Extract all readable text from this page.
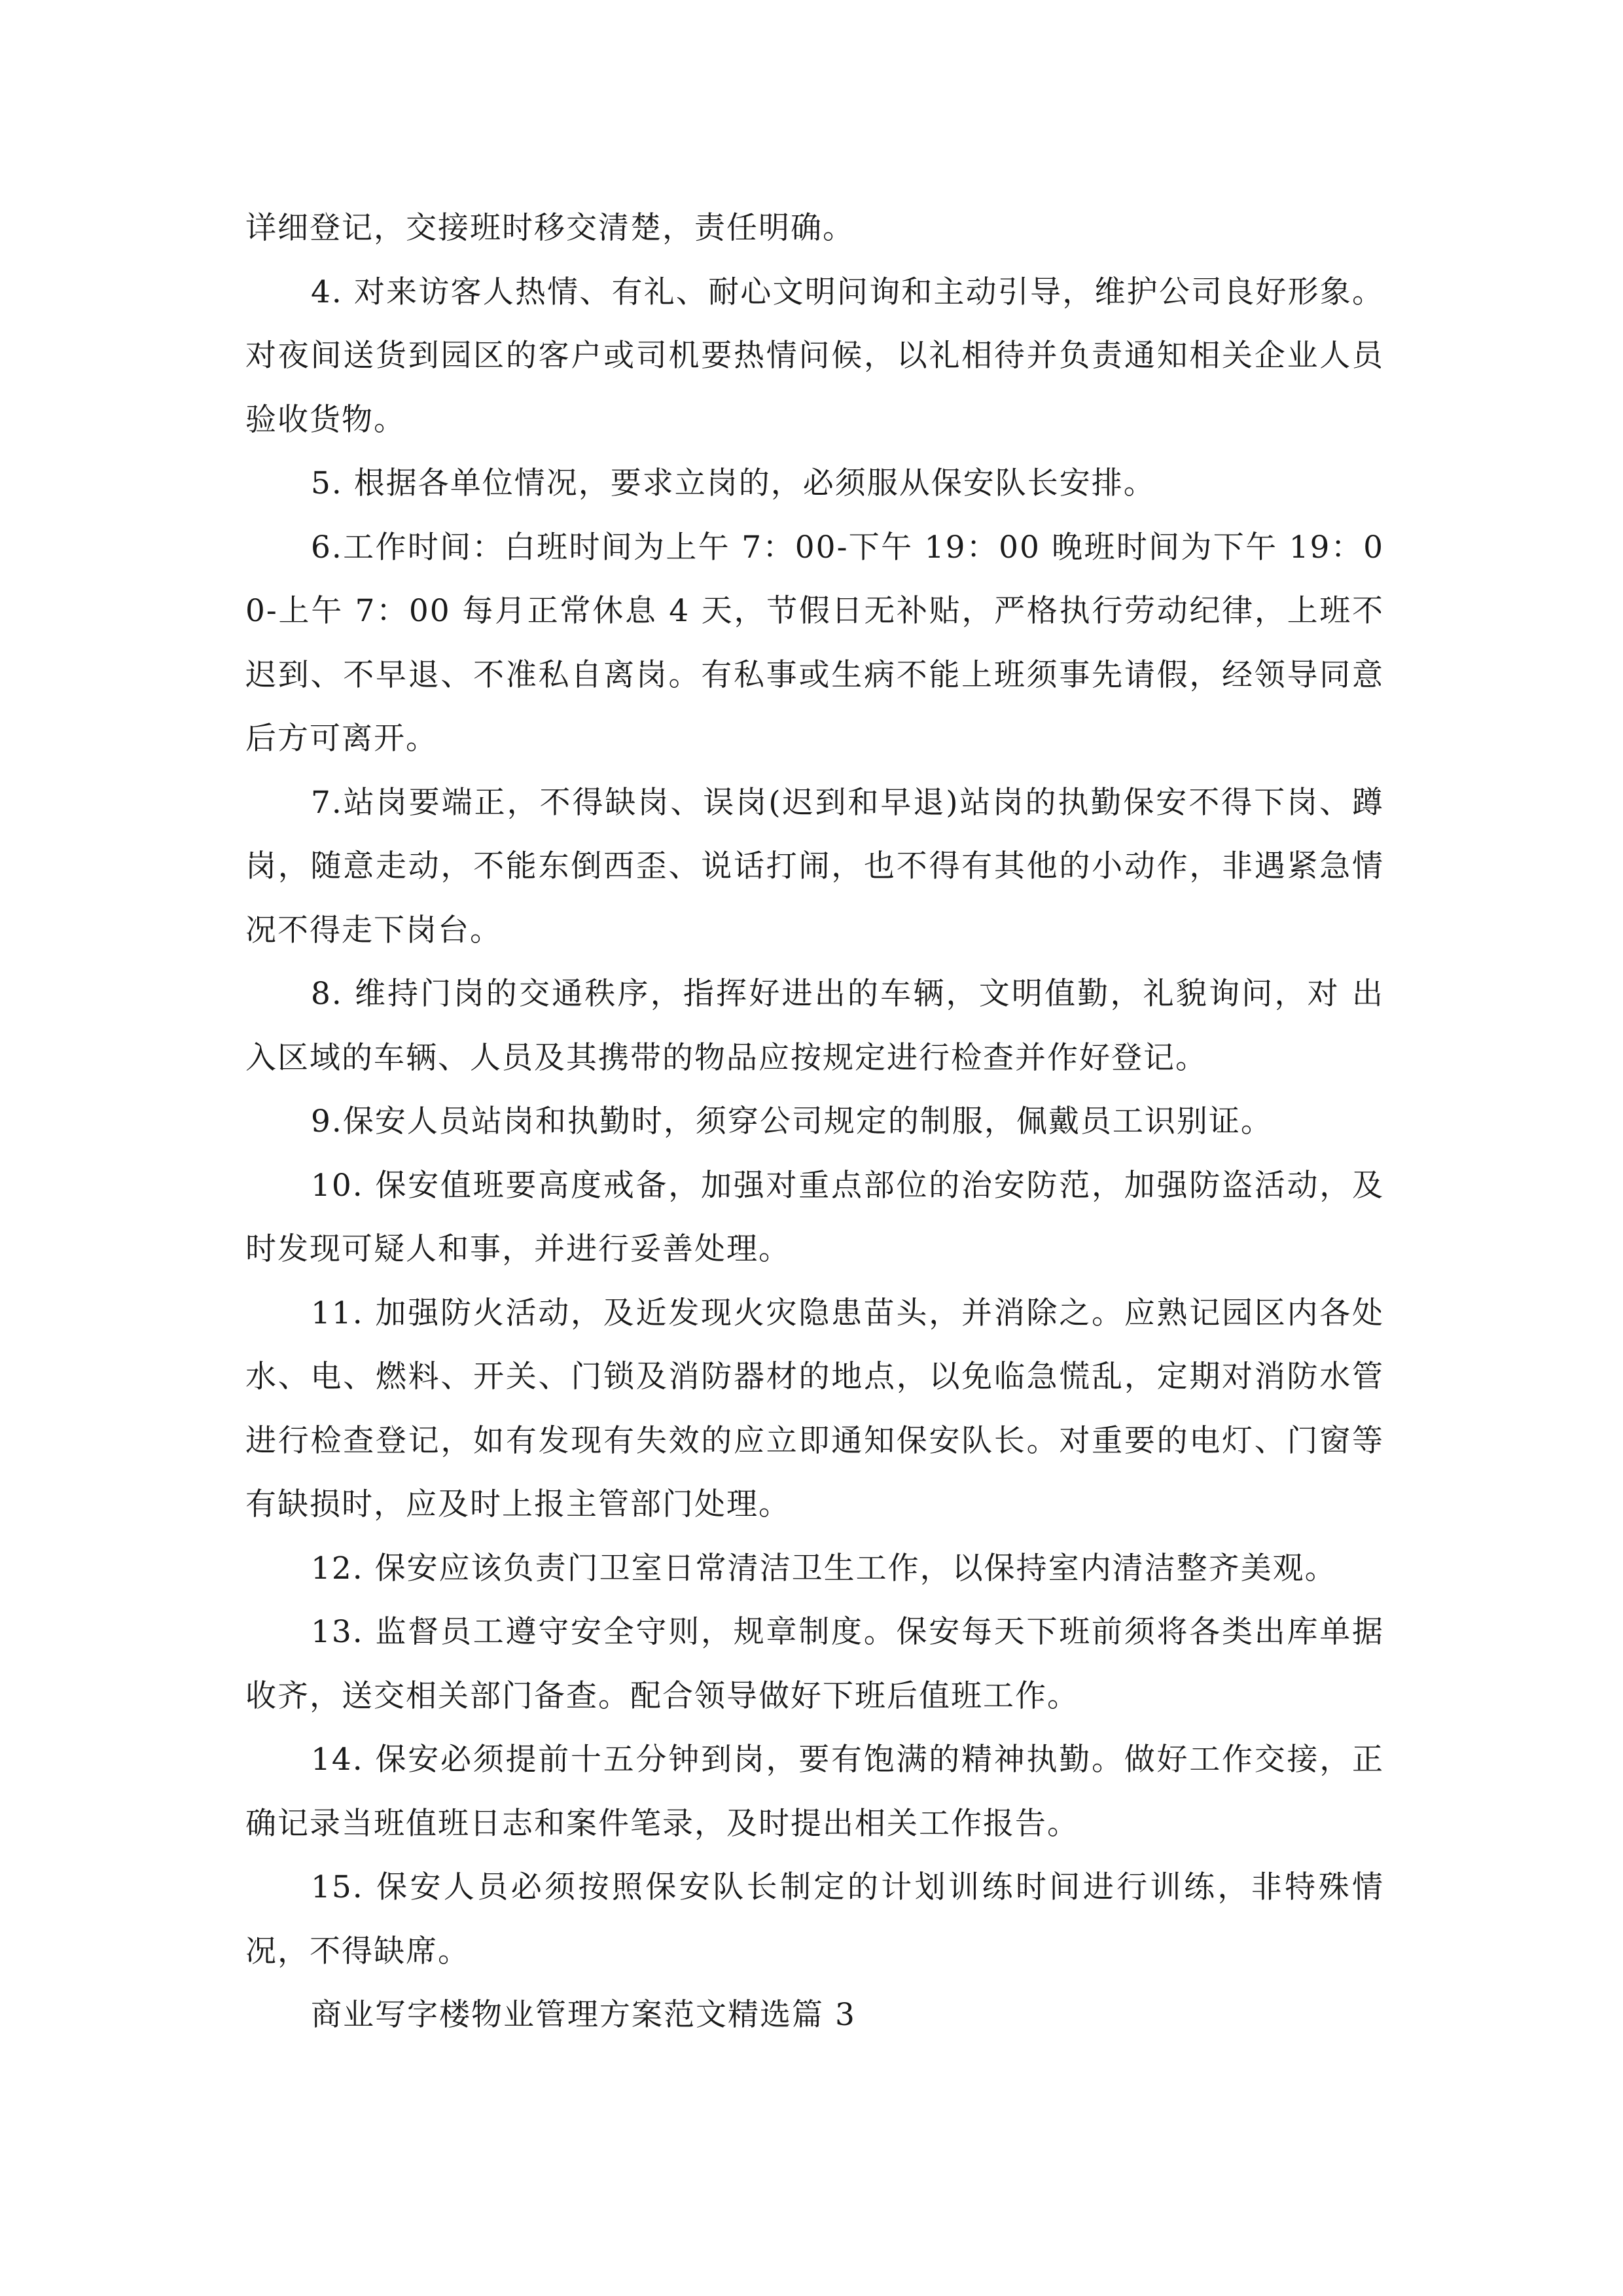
详细登记，交接班时移交清楚，责任明确。

4. 对来访客人热情、有礼、耐心文明问询和主动引导，维护公司良好形象。对夜间送货到园区的客户或司机要热情问候，以礼相待并负责通知相关企业人员验收货物。

5. 根据各单位情况，要求立岗的，必须服从保安队长安排。

6.工作时间：白班时间为上午 7：00-下午 19：00 晚班时间为下午 19：00-上午 7：00 每月正常休息 4 天，节假日无补贴，严格执行劳动纪律，上班不迟到、不早退、不准私自离岗。有私事或生病不能上班须事先请假，经领导同意后方可离开。

7.站岗要端正，不得缺岗、误岗(迟到和早退)站岗的执勤保安不得下岗、蹲岗，随意走动，不能东倒西歪、说话打闹，也不得有其他的小动作，非遇紧急情况不得走下岗台。

8. 维持门岗的交通秩序，指挥好进出的车辆，文明值勤，礼貌询问，对 出入区域的车辆、人员及其携带的物品应按规定进行检查并作好登记。

9.保安人员站岗和执勤时，须穿公司规定的制服，佩戴员工识别证。

10. 保安值班要高度戒备，加强对重点部位的治安防范，加强防盗活动，及时发现可疑人和事，并进行妥善处理。

11. 加强防火活动，及近发现火灾隐患苗头，并消除之。应熟记园区内各处水、电、燃料、开关、门锁及消防器材的地点，以免临急慌乱，定期对消防水管进行检查登记，如有发现有失效的应立即通知保安队长。对重要的电灯、门窗等有缺损时，应及时上报主管部门处理。

12. 保安应该负责门卫室日常清洁卫生工作，以保持室内清洁整齐美观。

13. 监督员工遵守安全守则，规章制度。保安每天下班前须将各类出库单据收齐，送交相关部门备查。配合领导做好下班后值班工作。

14. 保安必须提前十五分钟到岗，要有饱满的精神执勤。做好工作交接，正确记录当班值班日志和案件笔录，及时提出相关工作报告。

15. 保安人员必须按照保安队长制定的计划训练时间进行训练，非特殊情况，不得缺席。

商业写字楼物业管理方案范文精选篇 3
